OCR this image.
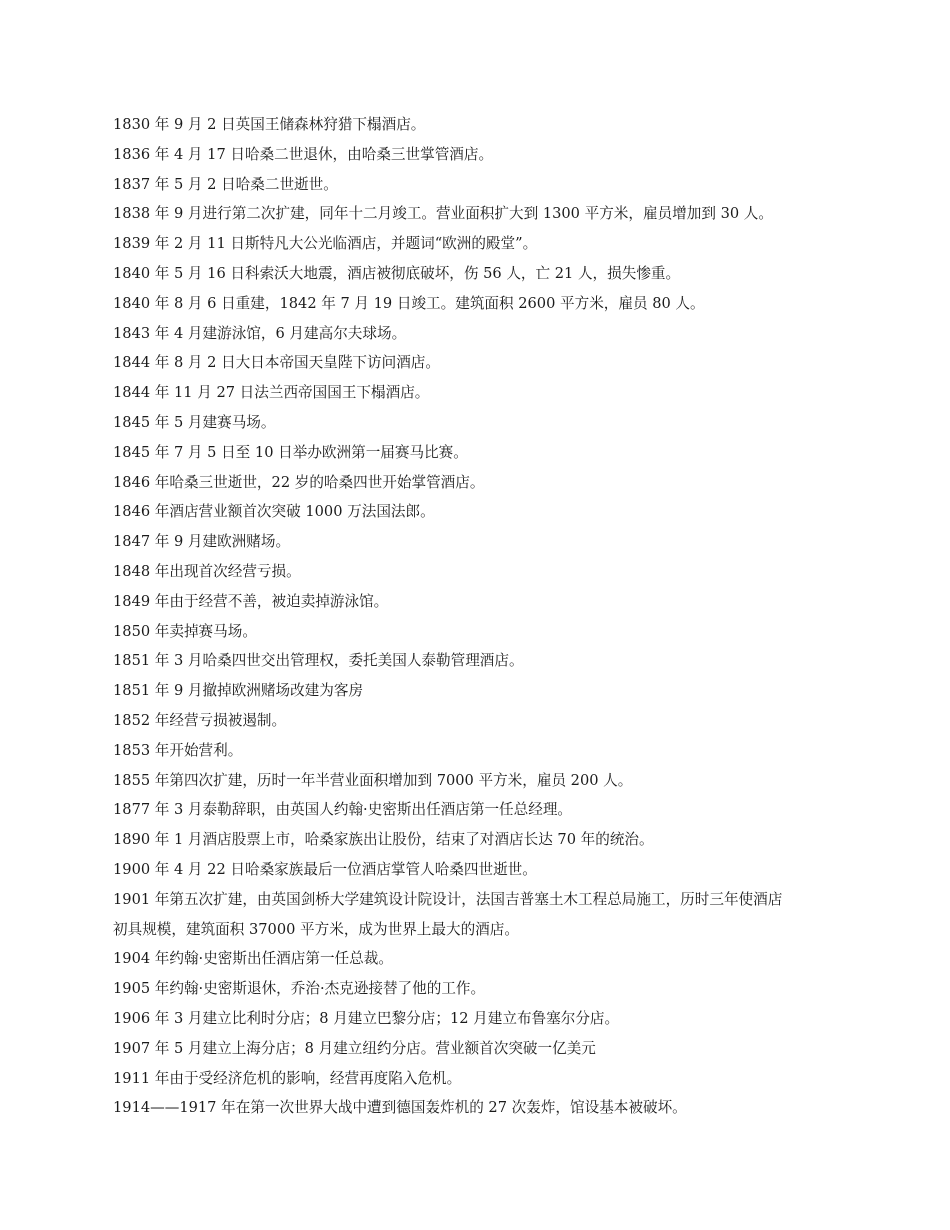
1830 年 9 月 2 日英国王储森林狩猎下榻酒店。

1836 年 4 月 17 日哈桑二世退休，由哈桑三世掌管酒店。

1837 年 5 月 2 日哈桑二世逝世。

1838 年 9 月进行第二次扩建，同年十二月竣工。营业面积扩大到 1300 平方米，雇员增加到 30 人。

1839 年 2 月 11 日斯特凡大公光临酒店，并题词“欧洲的殿堂”。

1840 年 5 月 16 日科索沃大地震，酒店被彻底破坏，伤 56 人，亡 21 人，损失惨重。

1840 年 8 月 6 日重建，1842 年 7 月 19 日竣工。建筑面积 2600 平方米，雇员 80 人。

1843 年 4 月建游泳馆，6 月建高尔夫球场。

1844 年 8 月 2 日大日本帝国天皇陛下访问酒店。

1844 年 11 月 27 日法兰西帝国国王下榻酒店。

1845 年 5 月建赛马场。

1845 年 7 月 5 日至 10 日举办欧洲第一届赛马比赛。

1846 年哈桑三世逝世，22 岁的哈桑四世开始掌管酒店。

1846 年酒店营业额首次突破 1000 万法国法郎。

1847 年 9 月建欧洲赌场。

1848 年出现首次经营亏损。

1849 年由于经营不善，被迫卖掉游泳馆。

1850 年卖掉赛马场。

1851 年 3 月哈桑四世交出管理权，委托美国人泰勒管理酒店。

1851 年 9 月撤掉欧洲赌场改建为客房

1852 年经营亏损被遏制。

1853 年开始营利。

1855 年第四次扩建，历时一年半营业面积增加到 7000 平方米，雇员 200 人。

1877 年 3 月泰勒辞职，由英国人约翰·史密斯出任酒店第一任总经理。

1890 年 1 月酒店股票上市，哈桑家族出让股份，结束了对酒店长达 70 年的统治。

1900 年 4 月 22 日哈桑家族最后一位酒店掌管人哈桑四世逝世。

1901 年第五次扩建，由英国剑桥大学建筑设计院设计，法国吉普塞土木工程总局施工，历时三年使酒店

初具规模，建筑面积 37000 平方米，成为世界上最大的酒店。

1904 年约翰·史密斯出任酒店第一任总裁。

1905 年约翰·史密斯退休，乔治·杰克逊接替了他的工作。

1906 年 3 月建立比利时分店；8 月建立巴黎分店；12 月建立布鲁塞尔分店。

1907 年 5 月建立上海分店；8 月建立纽约分店。营业额首次突破一亿美元

1911 年由于受经济危机的影响，经营再度陷入危机。

1914——1917 年在第一次世界大战中遭到德国轰炸机的 27 次轰炸，馆设基本被破坏。
